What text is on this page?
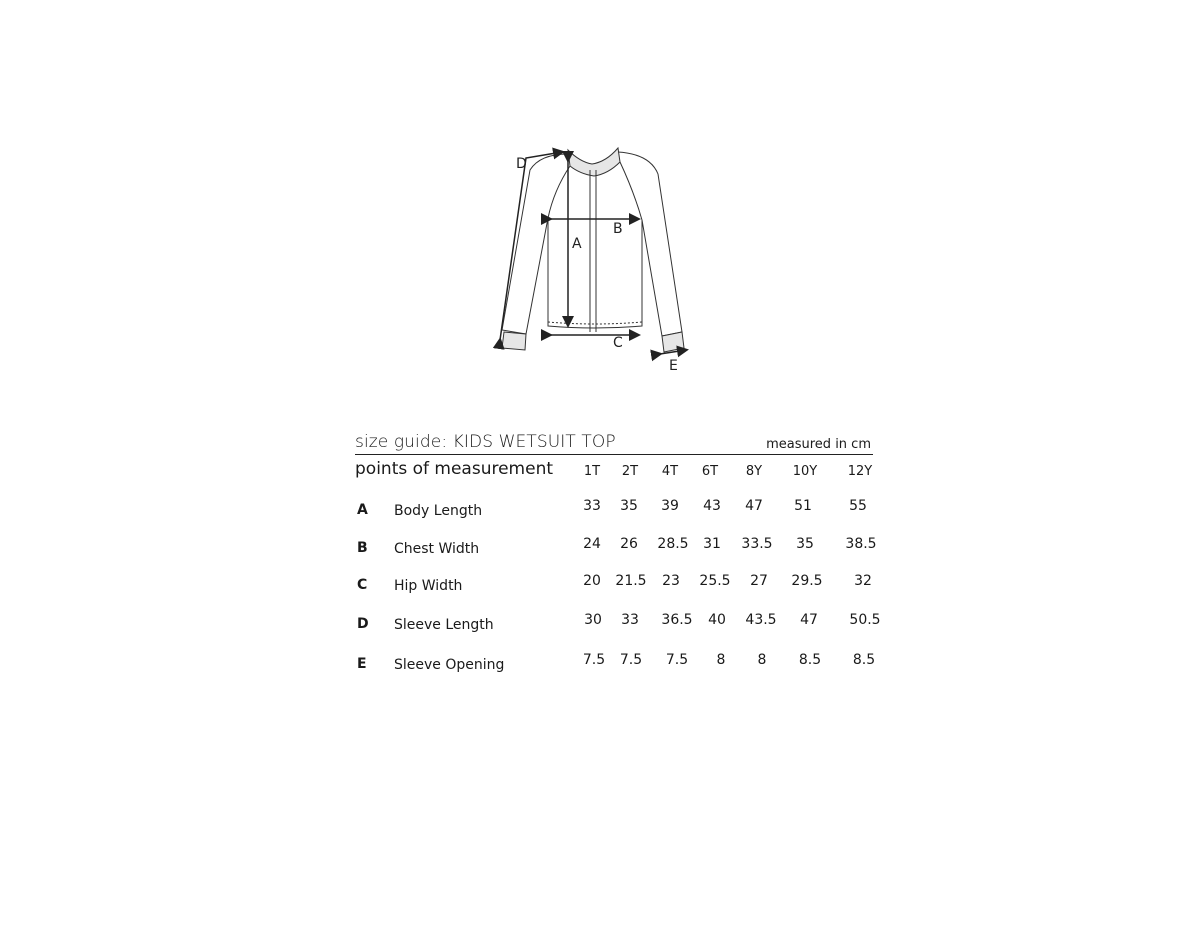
D
B
A
C
E
size guide: KIDS WETSUIT TOP	measured in cm
points of measurement 1T 2T 4T 6T 8Y 10Y 12Y
A Body Length	33 35 39 43 47 51	55
B Chest Width	24 26 28.5 31 33.5 35 38.5
C Hip Width	20 21.5 23 25.5 27 29.5 32
D Sleeve Length	30 33 36.5 40 43.5 47 50.5
E Sleeve Opening	7.5 7.5 7.5 8 8 8.5 8.5
